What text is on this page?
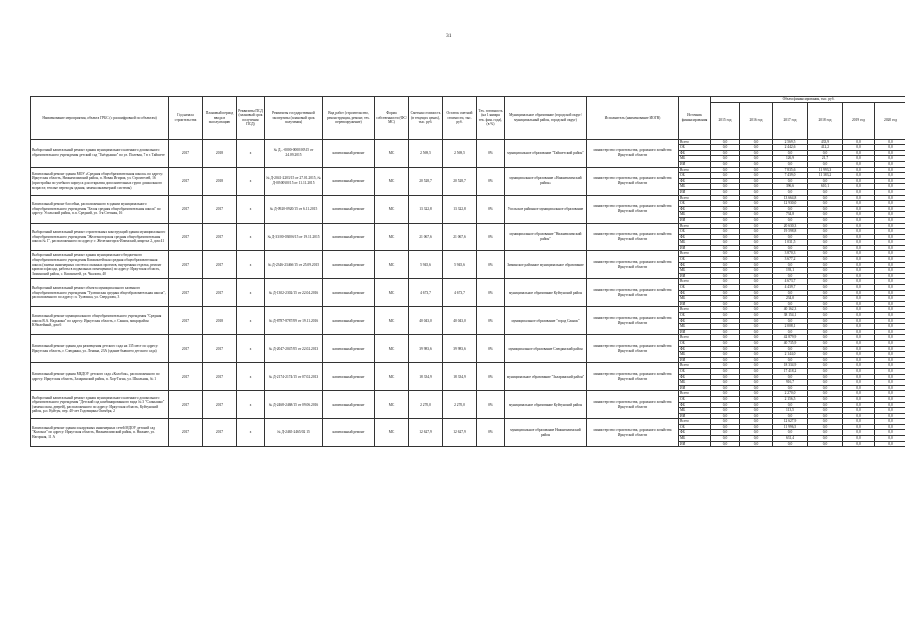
31
Наименование мероприятия, объекта ГРБС (с расшифровкой по объектам)	Год начала строительства	Плановый период ввода в эксплуатацию	Реквизиты ПСД (плановый срок получения ПСД)	Реквизиты государственной экспертизы (плановый срок получения)	Вид работ (строительство, реконструкция, ремонт, тех. перевооружение)	Форма собственности (ФС/МС)	Сметная стоимость (в текущих ценах), тыс. руб.	Остаток сметной стоимости, тыс. руб.	Тех. готовность (на 1 января тек. фин. года), (в %)	Муниципальное образование (городской округ/муниципальный район, городской округ)	Исполнитель (наименование ИОГВ)	Источник финансирования	Объем финансирования, тыс. руб.					
													2015 год	2016 год	2017 год	2018 год	2019 год	2020 год
Выборочный капитальный ремонт здания муниципального казенного дошкольного образовательного учреждения детский сад "Гнёздышко" по ул. Полевая, 7 в г. Тайшете	2017	2018	x	№ Д...-0000-0000\00\15 от 24.09.2015	капитальный ремонт	МС	2 569,5	2 569,5	0%	муниципальное образование "Тайшетский район"	министерство строительства, дорожного хозяйства Иркутской области	Всего	0,0	0,0	2 569,5	433,9	0,0	0,0
												ОБ	0,0	0,0	2 442,6	412,2	0,0	0,0
												ФБ	0,0	0,0	0,0	0,0	0,0	0,0
												МБ	0,0	0,0	126,9	21,7	0,0	0,0
												ИИ	0,0	0,0	0,0	0,0	0,0	0,0
Капитальный ремонт здания МОУ «Средняя общеобразовательная школа» по адресу: Иркутская область, Нижнеилимский район, п. Новая Игирма, ул. Строителей, 16 (пристройка по учебного корпуса для открытия дополнительных групп дошкольного возраста; теплые переходы здания, замена инженерной системы)	2017	2018	x	№ Д-2041-2203/15 от 27.01.2015, № Д-00\00\00/15 от 11.11.2015	капитальный ремонт	МС	20 528,7	20 528,7	0%	муниципальное образование «Нижнеилимский район»	министерство строительства, дорожного хозяйства Иркутской области	Всего	0,0	0,0	7 835,6	11 993,3	0,0	0,0
												ОБ	0,0	0,0	7 439,0	11 383,2	0,0	0,0
												ФБ	0,0	0,0	0,0	0,0	0,0	0,0
												МБ	0,0	0,0	396,6	610,1	0,0	0,0
												ИИ	0,0	0,0	0,0	0,0	0,0	0,0
Капитальный ремонт бассейна, расположенного в здании муниципального общеобразовательного учреждения "Белая средняя общеобразовательная школа" по адресу: Усольский район, п.п. Средний, ул. 3-я Степная, 16	2017	2017	x	№ Д-0920-0920/15 от 6.11.2015	капитальный ремонт	МС	13 322,8	13 322,8	0%	Усольское районное муниципальное образование	министерство строительства, дорожного хозяйства Иркутской области	Всего	0,0	0,0	13 664,8	0,0	0,0	0,0
												ОБ	0,0	0,0	12 930,0	0,0	0,0	0,0
												ФБ	0,0	0,0	0,0	0,0	0,0	0,0
												МБ	0,0	0,0	734,8	0,0	0,0	0,0
												ИИ	0,0	0,0	0,0	0,0	0,0	0,0
Выборочный капитальный ремонт строительных конструкций здания муниципального общеобразовательного учреждения "Железногорская средняя общеобразовательная школа № 1", расположенного по адресу: г. Железногорск-Илимский, квартал 2, дом 41	2017	2017	x	№ Д-33/00-0300б/15 от 19.11.2015	капитальный ремонт	МС	21 067,6	21 067,6	0%	муниципальное образование "Нижнеилимский район"	министерство строительства, дорожного хозяйства Иркутской области	Всего	0,0	0,0	20 630,3	0,0	0,0	0,0
												ОБ	0,0	0,0	19 598,8	0,0	0,0	0,0
												ФБ	0,0	0,0	0,0	0,0	0,0	0,0
												МБ	0,0	0,0	1 031,5	0,0	0,0	0,0
												ИИ	0,0	0,0	0,0	0,0	0,0	0,0
Выборочный капитальный ремонт здания муниципального бюджетного общеобразовательного учреждения Кимильтейская средняя общеобразовательная школа (замена инженерных систем и оконных проемов, внутренняя отделка, ремонт кровли и фасада, работы в подвальных помещениях) по адресу: Иркутская область, Зиминский район, с. Кимильтей, ул. Чкалова, 40	2017	2017	x	№ Д-2346-2346б/15 от 25.09.2015	капитальный ремонт	МС	5 945,6	5 945,6	0%	Зиминское районное муниципальное образование	министерство строительства, дорожного хозяйства Иркутской области	Всего	0,0	0,0	3 870,3	0,0	0,0	0,0
												ОБ	0,0	0,0	3 677,2	0,0	0,0	0,0
												ФБ	0,0	0,0	0,0	0,0	0,0	0,0
												МБ	0,0	0,0	193,1	0,0	0,0	0,0
												ИИ	0,0	0,0	0,0	0,0	0,0	0,0
Выборочный капитальный ремонт объекта муниципального казенного общеобразовательного учреждения "Тулюшская средняя общеобразовательная школа", расположенного по адресу: п. Тулюшка, ул. Свердлова, 3	2017	2017	x	№ Д-1302-2302/15 от 22.04.2016	капитальный ремонт	МС	4 673,7	4 673,7	0%	муниципальное образование Куйтунский район	министерство строительства, дорожного хозяйства Иркутской области	Всего	0,0	0,0	4 673,7	0,0	0,0	0,0
												ОБ	0,0	0,0	4 439,7	0,0	0,0	0,0
												ФБ	0,0	0,0	0,0	0,0	0,0	0,0
												МБ	0,0	0,0	234,0	0,0	0,0	0,0
												ИИ	0,0	0,0	0,0	0,0	0,0	0,0
Капитальный ремонт муниципального общеобразовательного учреждения "Средняя школа В.А. Надькина" по адресу: Иркутская область, г. Саянск, микрорайон Юбилейный, дом 6	2017	2018	x	№ Д-8787-8787/09 от 19.11.2016	капитальный ремонт	МС	40 043,0	40 043,0	0%	муниципальное образование "город Саянск"	министерство строительства, дорожного хозяйства Иркутской области	Всего	0,0	0,0	40 162,3	0,0	0,0	0,0
												ОБ	0,0	0,0	38 154,1	0,0	0,0	0,0
												ФБ	0,0	0,0	0,0	0,0	0,0	0,0
												МБ	0,0	0,0	2 008,1	0,0	0,0	0,0
												ИИ	0,0	0,0	0,0	0,0	0,0	0,0
Капитальный ремонт здания для размещения детского сада на 135 мест по адресу: Иркутская область, г. Слюдянка, ул. Ленина, 23А (здание бывшего детского сада)	2017	2017	x	№ Д-2047-2047/05 от 22.02.2013	капитальный ремонт	МС	39 983,6	39 983,6	0%	муниципальное образование Слюдянский район	министерство строительства, дорожного хозяйства Иркутской области	Всего	0,0	0,0	42 879,9	0,0	0,0	0,0
												ОБ	0,0	0,0	40 735,9	0,0	0,0	0,0
												ФБ	0,0	0,0	0,0	0,0	0,0	0,0
												МБ	0,0	0,0	2 144,0	0,0	0,0	0,0
												ИИ	0,0	0,0	0,0	0,0	0,0	0,0
Капитальный ремонт здания МБДОУ детского сада «Колобок», расположенного по адресу: Иркутская область, Заларинский район, п. Хор-Тагна, ул. Школьная, № 1	2017	2017	x	№ Д-2174-2174/15 от 07.02.2013	капитальный ремонт	МС	18 334,9	18 334,9	0%	муниципальное образование "Заларинский район"	министерство строительства, дорожного хозяйства Иркутской области	Всего	0,0	0,0	18 334,9	0,0	0,0	0,0
												ОБ	0,0	0,0	17 418,2	0,0	0,0	0,0
												ФБ	0,0	0,0	0,0	0,0	0,0	0,0
												МБ	0,0	0,0	916,7	0,0	0,0	0,0
												ИИ	0,0	0,0	0,0	0,0	0,0	0,0
Выборочный капитальный ремонт здания муниципального казенного дошкольного образовательного учреждения "Детский сад комбинированного вида № 3 "Солнышко"(замена окон, дверей), расположенного по адресу: Иркутская область, Куйтунский район, р.п. Куйтун, пер. 40-лет Годовщины Октября, 2	2017	2017	x	№ Д-2468-2468/15 от 09.06.2016	капитальный ремонт	МС	2 270,0	2 270,0	0%	муниципальное образование Куйтунский район	министерство строительства, дорожного хозяйства Иркутской области	Всего	0,0	0,0	2 270,0	0,0	0,0	0,0
												ОБ	0,0	0,0	2 156,5	0,0	0,0	0,0
												ФБ	0,0	0,0	0,0	0,0	0,0	0,0
												МБ	0,0	0,0	113,5	0,0	0,0	0,0
												ИИ	0,0	0,0	0,0	0,0	0,0	0,0
Капитальный ремонт здания и наружных инженерных сетей МДОУ детский сад "Колокол" по адресу: Иркутская область, Нижнеилимский район, п. Нижнее, ул. Нагорная, 11 А	2017	2017	x	№ Д-2465-2465/02 15	капитальный ремонт	МС	12 627,9	12 627,9	0%	муниципальное образование Нижнеилимский район	министерство строительства, дорожного хозяйства Иркутской области	Всего	0,0	0,0	12 627,9	0,0	0,0	0,0
												ОБ	0,0	0,0	11 996,5	0,0	0,0	0,0
												ФБ	0,0	0,0	0,0	0,0	0,0	0,0
												МБ	0,0	0,0	631,4	0,0	0,0	0,0
												ИИ	0,0	0,0	0,0	0,0	0,0	0,0
